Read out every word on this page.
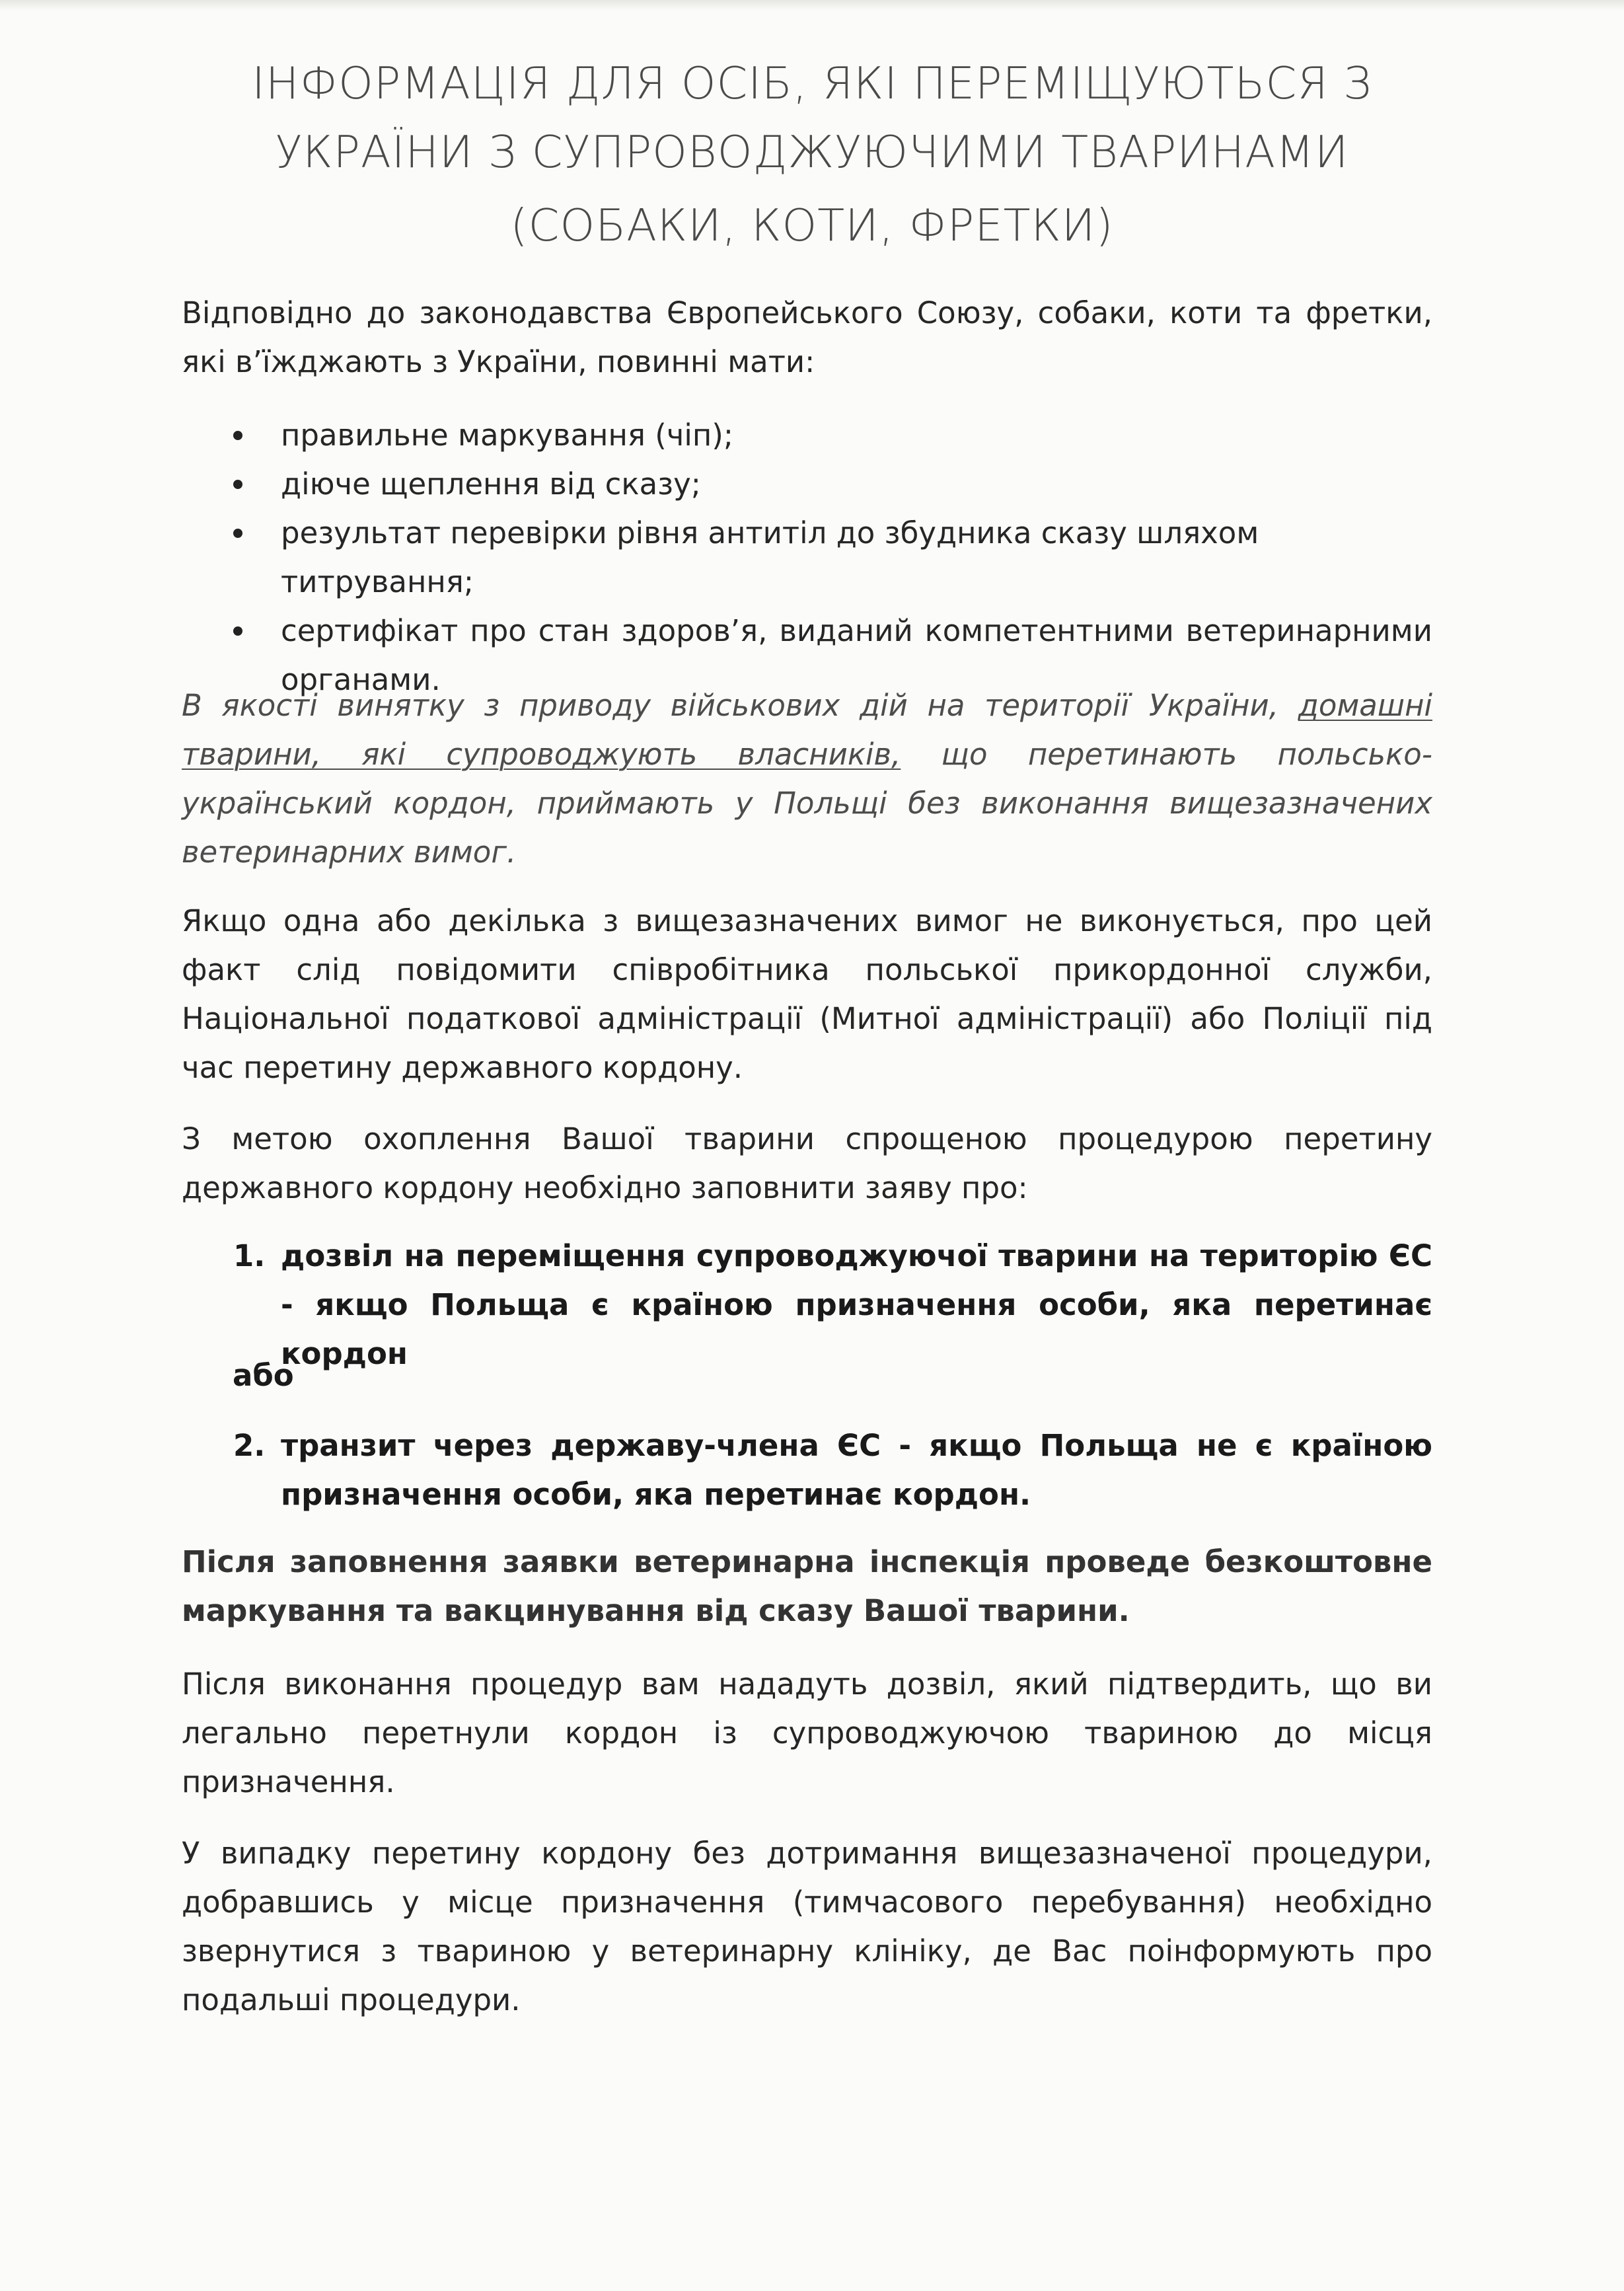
ІНФОРМАЦІЯ ДЛЯ ОСІБ, ЯКІ ПЕРЕМІЩУЮТЬСЯ З
УКРАЇНИ З СУПРОВОДЖУЮЧИМИ ТВАРИНАМИ
(СОБАКИ, КОТИ, ФРЕТКИ)

Відповідно до законодавства Європейського Союзу, собаки, коти та фретки, які в’їжджають з України, повинні мати:

правильне маркування (чіп);
діюче щеплення від сказу;
результат перевірки рівня антитіл до збудника сказу шляхом титрування;
сертифікат про стан здоров’я, виданий компетентними ветеринарними органами.

В якості винятку з приводу військових дій на території України, домашні тварини, які супроводжують власників, що перетинають польсько-український кордон, приймають у Польщі без виконання вищезазначених ветеринарних вимог.

Якщо одна або декілька з вищезазначених вимог не виконується, про цей факт слід повідомити співробітника польської прикордонної служби, Національної податкової адміністрації (Митної адміністрації) або Поліції під час перетину державного кордону.

З метою охоплення Вашої тварини спрощеною процедурою перетину державного кордону необхідно заповнити заяву про:

1. дозвіл на переміщення супроводжуючої тварини на територію ЄС - якщо Польща є країною призначення особи, яка перетинає кордон
або
2. транзит через державу-члена ЄС - якщо Польща не є країною призначення особи, яка перетинає кордон.

Після заповнення заявки ветеринарна інспекція проведе безкоштовне маркування та вакцинування від сказу Вашої тварини.

Після виконання процедур вам нададуть дозвіл, який підтвердить, що ви легально перетнули кордон із супроводжуючою твариною до місця призначення.

У випадку перетину кордону без дотримання вищезазначеної процедури, добравшись у місце призначення (тимчасового перебування) необхідно звернутися з твариною у ветеринарну клініку, де Вас поінформують про подальші процедури.
